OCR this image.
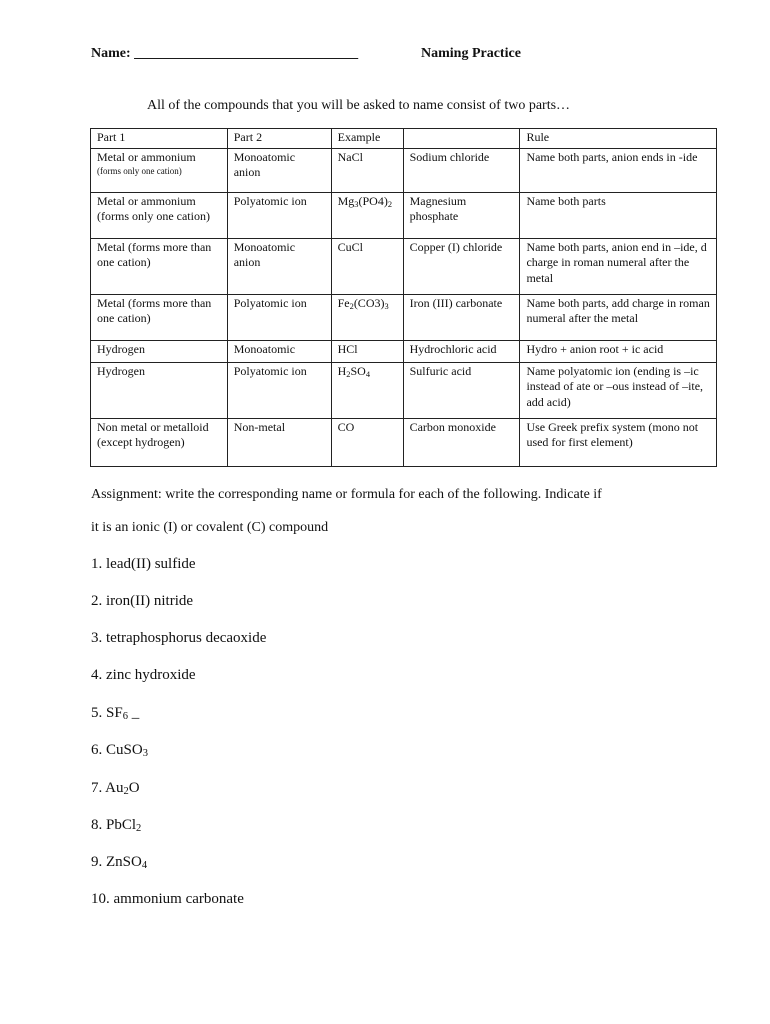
Name: ________________________________	Naming Practice
All of the compounds that you will be asked to name consist of two parts…
Part 1	Part 2	Example		Rule
Metal or ammonium
(forms only one cation)	Monoatomic anion	NaCl	Sodium chloride	Name both parts, anion ends in -ide
Metal or ammonium (forms only one cation)	Polyatomic ion	$Mg_3(PO4)_2$	Magnesium phosphate	Name both parts
Metal (forms more than one cation)	Monoatomic anion	CuCl	Copper (I) chloride	Name both parts, anion end in –ide, d charge in roman numeral after the metal
Metal (forms more than one cation)	Polyatomic ion	$Fe_2(CO3)_3$	Iron (III) carbonate	Name both parts, add charge in roman numeral after the metal
Hydrogen	Monoatomic	HCl	Hydrochloric acid	Hydro + anion root + ic acid
Hydrogen	Polyatomic ion	$H_2SO_4$	Sulfuric acid	Name polyatomic ion (ending is –ic instead of ate or –ous instead of –ite, add acid)
Non metal or metalloid (except hydrogen)	Non-metal	CO	Carbon monoxide	Use Greek prefix system (mono not used for first element)
Assignment: write the corresponding name or formula for each of the following. Indicate if
it is an ionic (I) or covalent (C) compound
1. lead(II) sulfide
2. iron(II) nitride
3. tetraphosphorus decaoxide
4. zinc hydroxide
5. $SF_6$ _
6. CuSO$_3$
7. $Au_2O$
8. PbCl$_2$
9. ZnSO$_4$
10. ammonium carbonate
